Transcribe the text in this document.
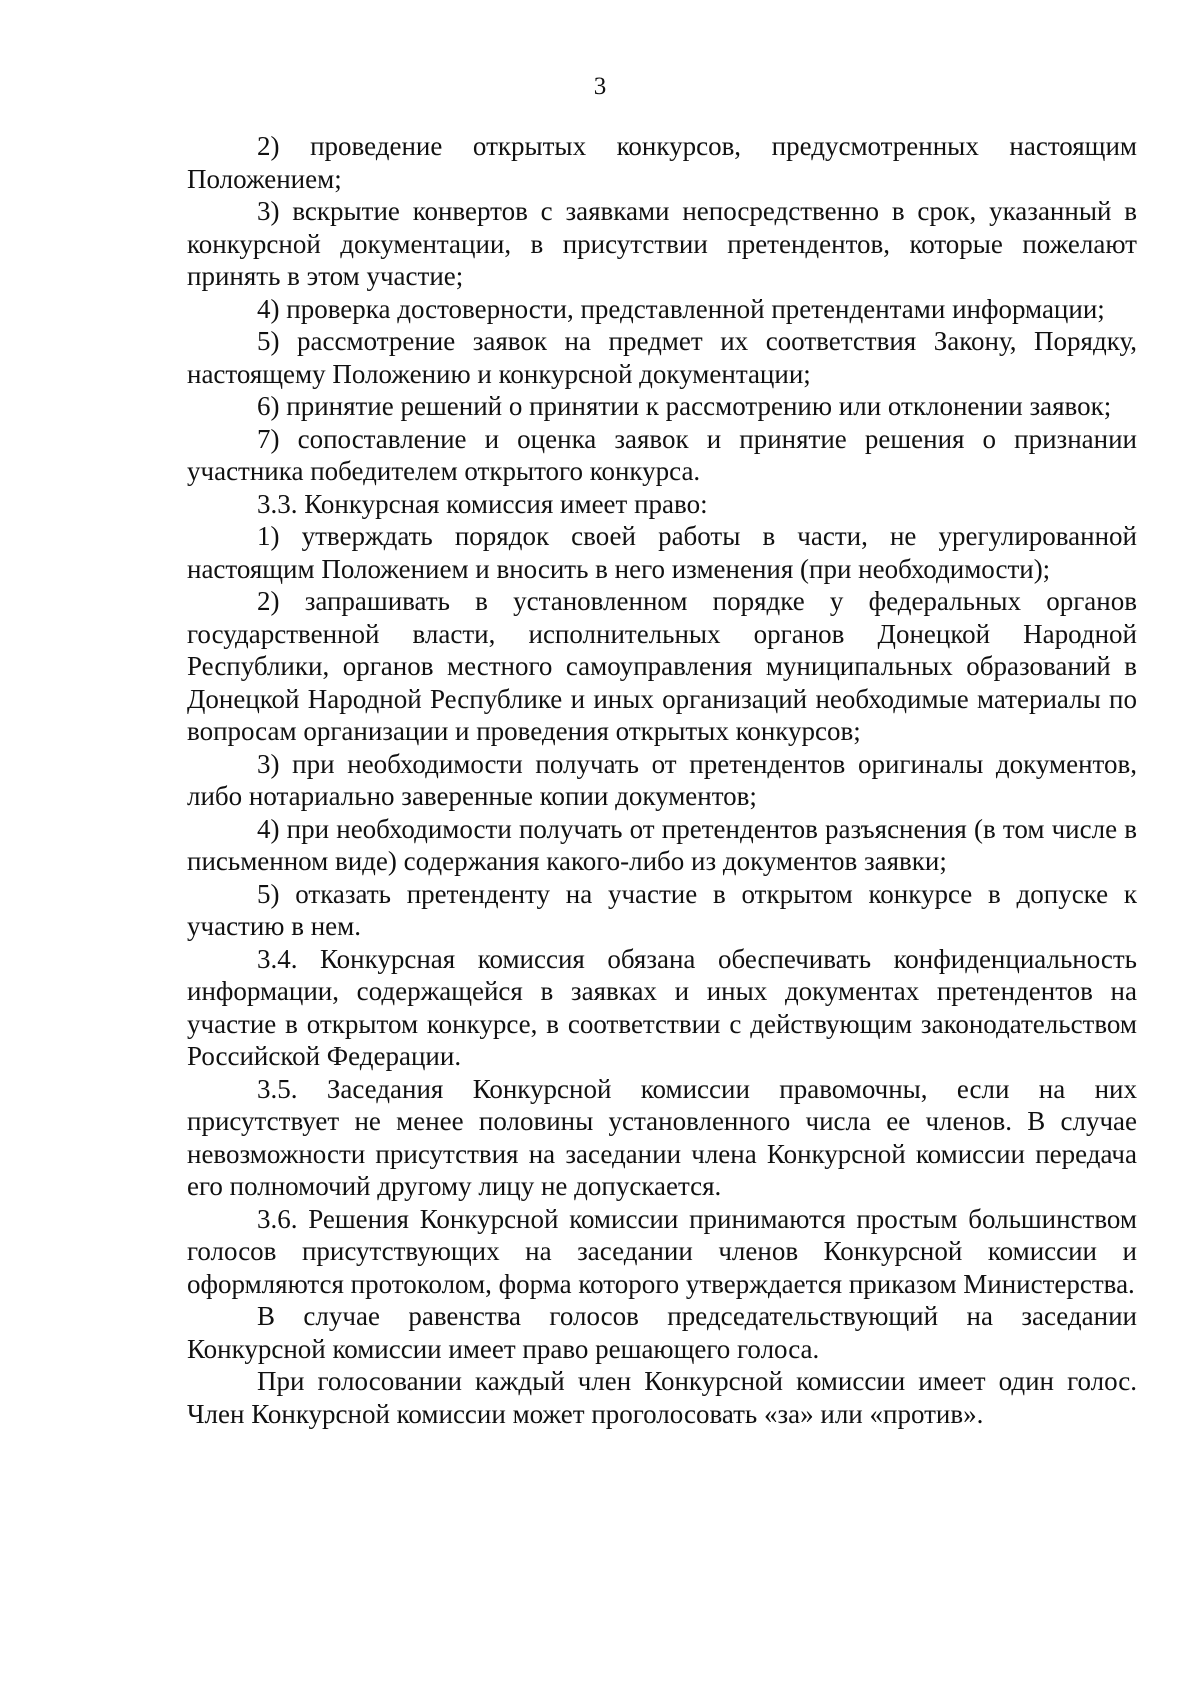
3

2) проведение открытых конкурсов, предусмотренных настоящим Положением;

3) вскрытие конвертов с заявками непосредственно в срок, указанный в конкурсной документации, в присутствии претендентов, которые пожелают принять в этом участие;

4) проверка достоверности, представленной претендентами информации;

5) рассмотрение заявок на предмет их соответствия Закону, Порядку, настоящему Положению и конкурсной документации;

6) принятие решений о принятии к рассмотрению или отклонении заявок;

7) сопоставление и оценка заявок и принятие решения о признании участника победителем открытого конкурса.

3.3. Конкурсная комиссия имеет право:

1) утверждать порядок своей работы в части, не урегулированной настоящим Положением и вносить в него изменения (при необходимости);

2) запрашивать в установленном порядке у федеральных органов государственной власти, исполнительных органов Донецкой Народной Республики, органов местного самоуправления муниципальных образований в Донецкой Народной Республике и иных организаций необходимые материалы по вопросам организации и проведения открытых конкурсов;

3) при необходимости получать от претендентов оригиналы документов, либо нотариально заверенные копии документов;

4) при необходимости получать от претендентов разъяснения (в том числе в письменном виде) содержания какого-либо из документов заявки;

5) отказать претенденту на участие в открытом конкурсе в допуске к участию в нем.

3.4. Конкурсная комиссия обязана обеспечивать конфиденциальность информации, содержащейся в заявках и иных документах претендентов на участие в открытом конкурсе, в соответствии с действующим законодательством Российской Федерации.

3.5. Заседания Конкурсной комиссии правомочны, если на них присутствует не менее половины установленного числа ее членов. В случае невозможности присутствия на заседании члена Конкурсной комиссии передача его полномочий другому лицу не допускается.

3.6. Решения Конкурсной комиссии принимаются простым большинством голосов присутствующих на заседании членов Конкурсной комиссии и оформляются протоколом, форма которого утверждается приказом Министерства.

В случае равенства голосов председательствующий на заседании Конкурсной комиссии имеет право решающего голоса.

При голосовании каждый член Конкурсной комиссии имеет один голос. Член Конкурсной комиссии может проголосовать «за» или «против».
